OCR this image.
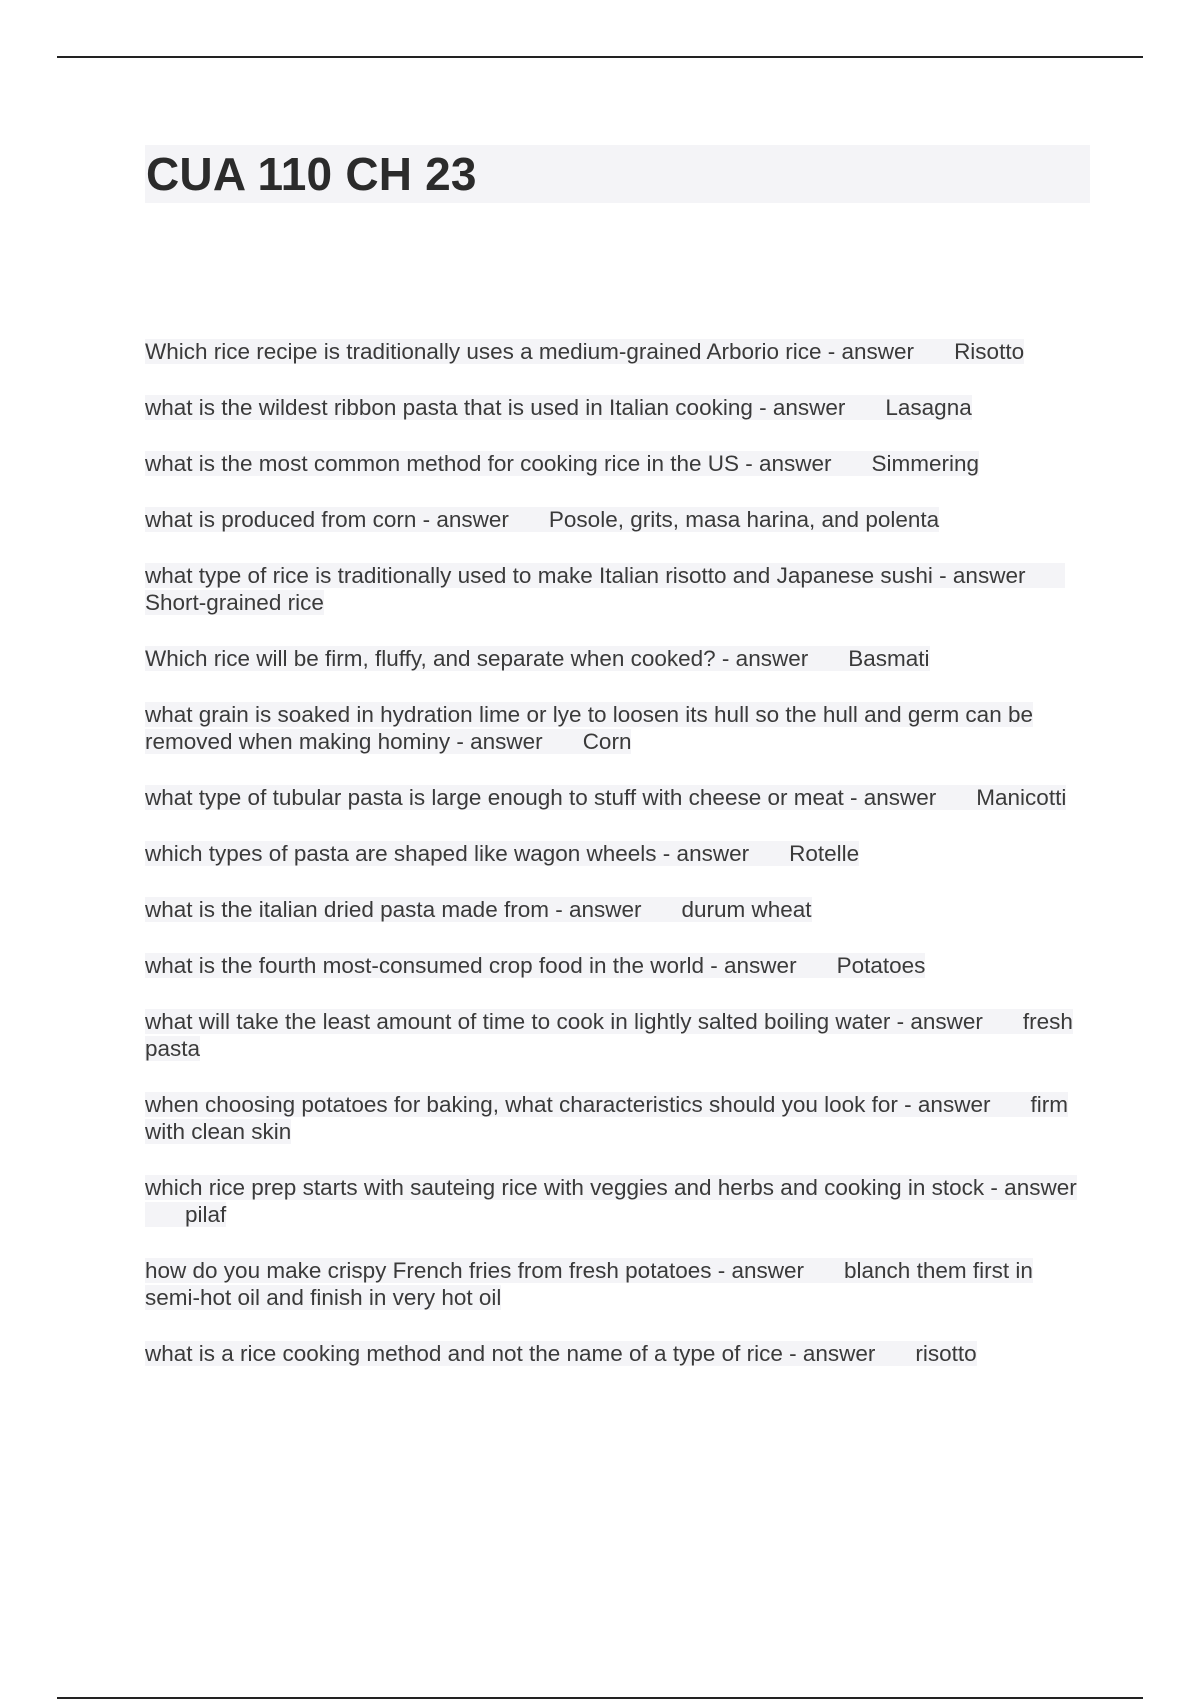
CUA 110 CH 23
Which rice recipe is traditionally uses a medium-grained Arborio rice - answer Risotto
what is the wildest ribbon pasta that is used in Italian cooking - answer Lasagna
what is the most common method for cooking rice in the US - answer Simmering
what is produced from corn - answer Posole, grits, masa harina, and polenta
what type of rice is traditionally used to make Italian risotto and Japanese sushi - answerShort-grained rice
Which rice will be firm, fluffy, and separate when cooked? - answer Basmati
what grain is soaked in hydration lime or lye to loosen its hull so the hull and germ can be removed when making hominy - answer Corn
what type of tubular pasta is large enough to stuff with cheese or meat - answer Manicotti
which types of pasta are shaped like wagon wheels - answer Rotelle
what is the italian dried pasta made from - answer durum wheat
what is the fourth most-consumed crop food in the world - answer Potatoes
what will take the least amount of time to cook in lightly salted boiling water - answer fresh pasta
when choosing potatoes for baking, what characteristics should you look for - answer firm with clean skin
which rice prep starts with sauteing rice with veggies and herbs and cooking in stock - answerpilaf
how do you make crispy French fries from fresh potatoes - answer blanch them first in semi-hot oil and finish in very hot oil
what is a rice cooking method and not the name of a type of rice - answer risotto
